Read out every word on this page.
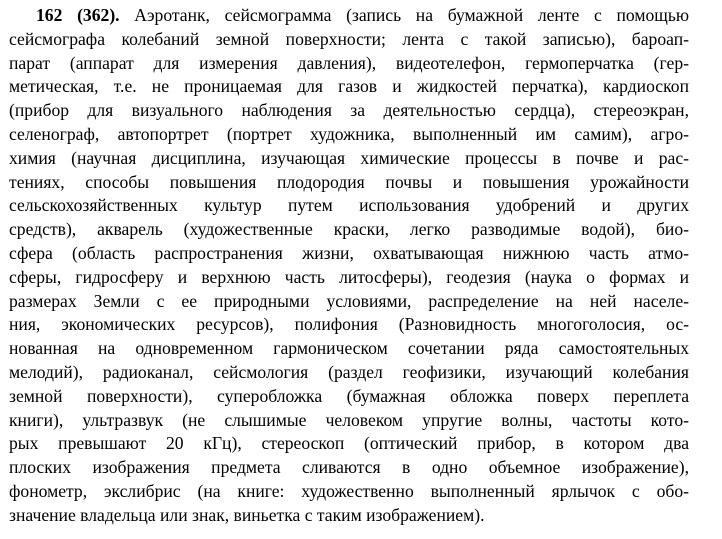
162 (362). Аэротанк, сейсмограмма (запись на бумажной ленте с помощью
сейсмографа колебаний земной поверхности; лента с такой записью), бароап-
парат (аппарат для измерения давления), видеотелефон, гермоперчатка (гер-
метическая, т.е. не проницаемая для газов и жидкостей перчатка), кардиоскоп
(прибор для визуального наблюдения за деятельностью сердца), стереоэкран,
селенограф, автопортрет (портрет художника, выполненный им самим), агро-
химия (научная дисциплина, изучающая химические процессы в почве и рас-
тениях, способы повышения плодородия почвы и повышения урожайности
сельскохозяйственных культур путем использования удобрений и других
средств), акварель (художественные краски, легко разводимые водой), био-
сфера (область распространения жизни, охватывающая нижнюю часть атмо-
сферы, гидросферу и верхнюю часть литосферы), геодезия (наука о формах и
размерах Земли с ее природными условиями, распределение на ней населе-
ния, экономических ресурсов), полифония (Разновидность многоголосия, ос-
нованная на одновременном гармоническом сочетании ряда самостоятельных
мелодий), радиоканал, сейсмология (раздел геофизики, изучающий колебания
земной поверхности), суперобложка (бумажная обложка поверх переплета
книги), ультразвук (не слышимые человеком упругие волны, частоты кото-
рых превышают 20 кГц), стереоскоп (оптический прибор, в котором два
плоских изображения предмета сливаются в одно объемное изображение),
фонометр, экслибрис (на книге: художественно выполненный ярлычок с обо-
значение владельца или знак, виньетка с таким изображением).
